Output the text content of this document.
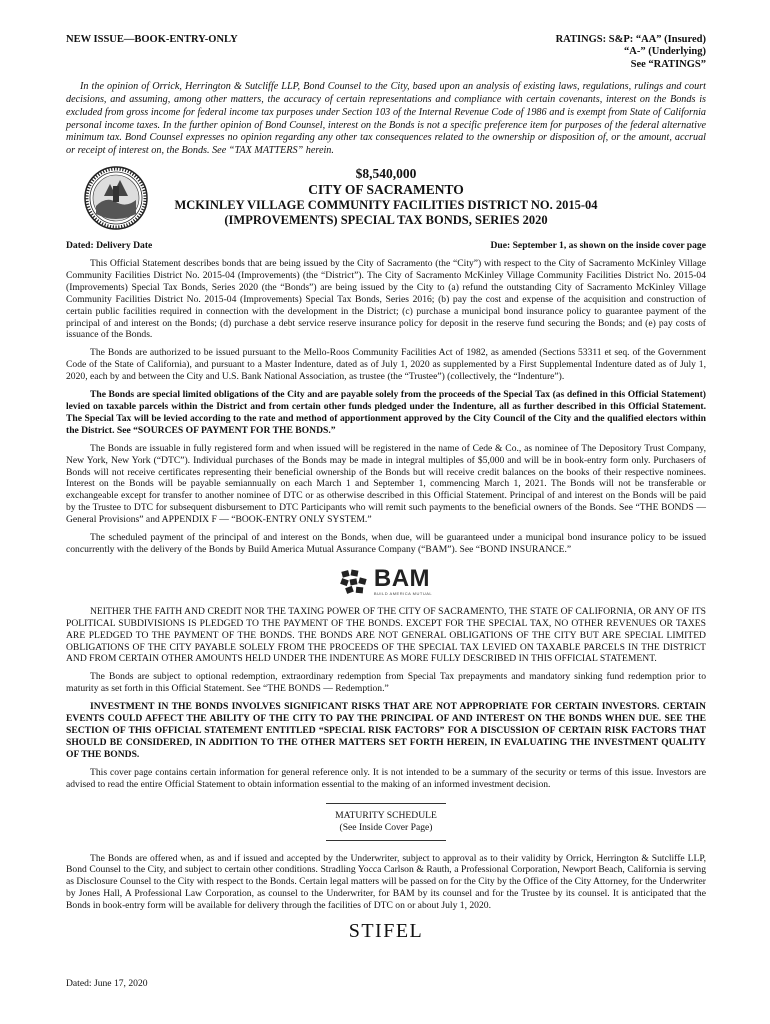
NEW ISSUE—BOOK-ENTRY-ONLY	RATINGS: S&P: “AA” (Insured)
“A-” (Underlying)
See “RATINGS”

In the opinion of Orrick, Herrington & Sutcliffe LLP, Bond Counsel to the City, based upon an analysis of existing laws, regulations, rulings and court decisions, and assuming, among other matters, the accuracy of certain representations and compliance with certain covenants, interest on the Bonds is excluded from gross income for federal income tax purposes under Section 103 of the Internal Revenue Code of 1986 and is exempt from State of California personal income taxes. In the further opinion of Bond Counsel, interest on the Bonds is not a specific preference item for purposes of the federal alternative minimum tax. Bond Counsel expresses no opinion regarding any other tax consequences related to the ownership or disposition of, or the amount, accrual or receipt of interest on, the Bonds. See “TAX MATTERS” herein.

$8,540,000
CITY OF SACRAMENTO
MCKINLEY VILLAGE COMMUNITY FACILITIES DISTRICT NO. 2015-04
(IMPROVEMENTS) SPECIAL TAX BONDS, SERIES 2020
Dated: Delivery Date	Due: September 1, as shown on the inside cover page

This Official Statement describes bonds that are being issued by the City of Sacramento (the “City”) with respect to the City of Sacramento McKinley Village Community Facilities District No. 2015-04 (Improvements) (the “District”). The City of Sacramento McKinley Village Community Facilities District No. 2015-04 (Improvements) Special Tax Bonds, Series 2020 (the “Bonds”) are being issued by the City to (a) refund the outstanding City of Sacramento McKinley Village Community Facilities District No. 2015-04 (Improvements) Special Tax Bonds, Series 2016; (b) pay the cost and expense of the acquisition and construction of certain public facilities required in connection with the development in the District; (c) purchase a municipal bond insurance policy to guarantee payment of the principal of and interest on the Bonds; (d) purchase a debt service reserve insurance policy for deposit in the reserve fund securing the Bonds; and (e) pay costs of issuance of the Bonds.

The Bonds are authorized to be issued pursuant to the Mello-Roos Community Facilities Act of 1982, as amended (Sections 53311 et seq. of the Government Code of the State of California), and pursuant to a Master Indenture, dated as of July 1, 2020 as supplemented by a First Supplemental Indenture dated as of July 1, 2020, each by and between the City and U.S. Bank National Association, as trustee (the “Trustee”) (collectively, the “Indenture”).

The Bonds are special limited obligations of the City and are payable solely from the proceeds of the Special Tax (as defined in this Official Statement) levied on taxable parcels within the District and from certain other funds pledged under the Indenture, all as further described in this Official Statement. The Special Tax will be levied according to the rate and method of apportionment approved by the City Council of the City and the qualified electors within the District. See “SOURCES OF PAYMENT FOR THE BONDS.”

The Bonds are issuable in fully registered form and when issued will be registered in the name of Cede & Co., as nominee of The Depository Trust Company, New York, New York (“DTC”). Individual purchases of the Bonds may be made in integral multiples of $5,000 and will be in book-entry form only. Purchasers of Bonds will not receive certificates representing their beneficial ownership of the Bonds but will receive credit balances on the books of their respective nominees. Interest on the Bonds will be payable semiannually on each March 1 and September 1, commencing March 1, 2021. The Bonds will not be transferable or exchangeable except for transfer to another nominee of DTC or as otherwise described in this Official Statement. Principal of and interest on the Bonds will be paid by the Trustee to DTC for subsequent disbursement to DTC Participants who will remit such payments to the beneficial owners of the Bonds. See “THE BONDS — General Provisions” and APPENDIX F — “BOOK-ENTRY ONLY SYSTEM.”

The scheduled payment of the principal of and interest on the Bonds, when due, will be guaranteed under a municipal bond insurance policy to be issued concurrently with the delivery of the Bonds by Build America Mutual Assurance Company (“BAM”). See “BOND INSURANCE.”

BAM
BUILD AMERICA MUTUAL

NEITHER THE FAITH AND CREDIT NOR THE TAXING POWER OF THE CITY OF SACRAMENTO, THE STATE OF CALIFORNIA, OR ANY OF ITS POLITICAL SUBDIVISIONS IS PLEDGED TO THE PAYMENT OF THE BONDS. EXCEPT FOR THE SPECIAL TAX, NO OTHER REVENUES OR TAXES ARE PLEDGED TO THE PAYMENT OF THE BONDS. THE BONDS ARE NOT GENERAL OBLIGATIONS OF THE CITY BUT ARE SPECIAL LIMITED OBLIGATIONS OF THE CITY PAYABLE SOLELY FROM THE PROCEEDS OF THE SPECIAL TAX LEVIED ON TAXABLE PARCELS IN THE DISTRICT AND FROM CERTAIN OTHER AMOUNTS HELD UNDER THE INDENTURE AS MORE FULLY DESCRIBED IN THIS OFFICIAL STATEMENT.

The Bonds are subject to optional redemption, extraordinary redemption from Special Tax prepayments and mandatory sinking fund redemption prior to maturity as set forth in this Official Statement. See “THE BONDS — Redemption.”

INVESTMENT IN THE BONDS INVOLVES SIGNIFICANT RISKS THAT ARE NOT APPROPRIATE FOR CERTAIN INVESTORS. CERTAIN EVENTS COULD AFFECT THE ABILITY OF THE CITY TO PAY THE PRINCIPAL OF AND INTEREST ON THE BONDS WHEN DUE. SEE THE SECTION OF THIS OFFICIAL STATEMENT ENTITLED “SPECIAL RISK FACTORS” FOR A DISCUSSION OF CERTAIN RISK FACTORS THAT SHOULD BE CONSIDERED, IN ADDITION TO THE OTHER MATTERS SET FORTH HEREIN, IN EVALUATING THE INVESTMENT QUALITY OF THE BONDS.

This cover page contains certain information for general reference only. It is not intended to be a summary of the security or terms of this issue. Investors are advised to read the entire Official Statement to obtain information essential to the making of an informed investment decision.

MATURITY SCHEDULE
(See Inside Cover Page)

The Bonds are offered when, as and if issued and accepted by the Underwriter, subject to approval as to their validity by Orrick, Herrington & Sutcliffe LLP, Bond Counsel to the City, and subject to certain other conditions. Stradling Yocca Carlson & Rauth, a Professional Corporation, Newport Beach, California is serving as Disclosure Counsel to the City with respect to the Bonds. Certain legal matters will be passed on for the City by the Office of the City Attorney, for the Underwriter by Jones Hall, A Professional Law Corporation, as counsel to the Underwriter, for BAM by its counsel and for the Trustee by its counsel. It is anticipated that the Bonds in book-entry form will be available for delivery through the facilities of DTC on or about July 1, 2020.

STIFEL
Dated: June 17, 2020
